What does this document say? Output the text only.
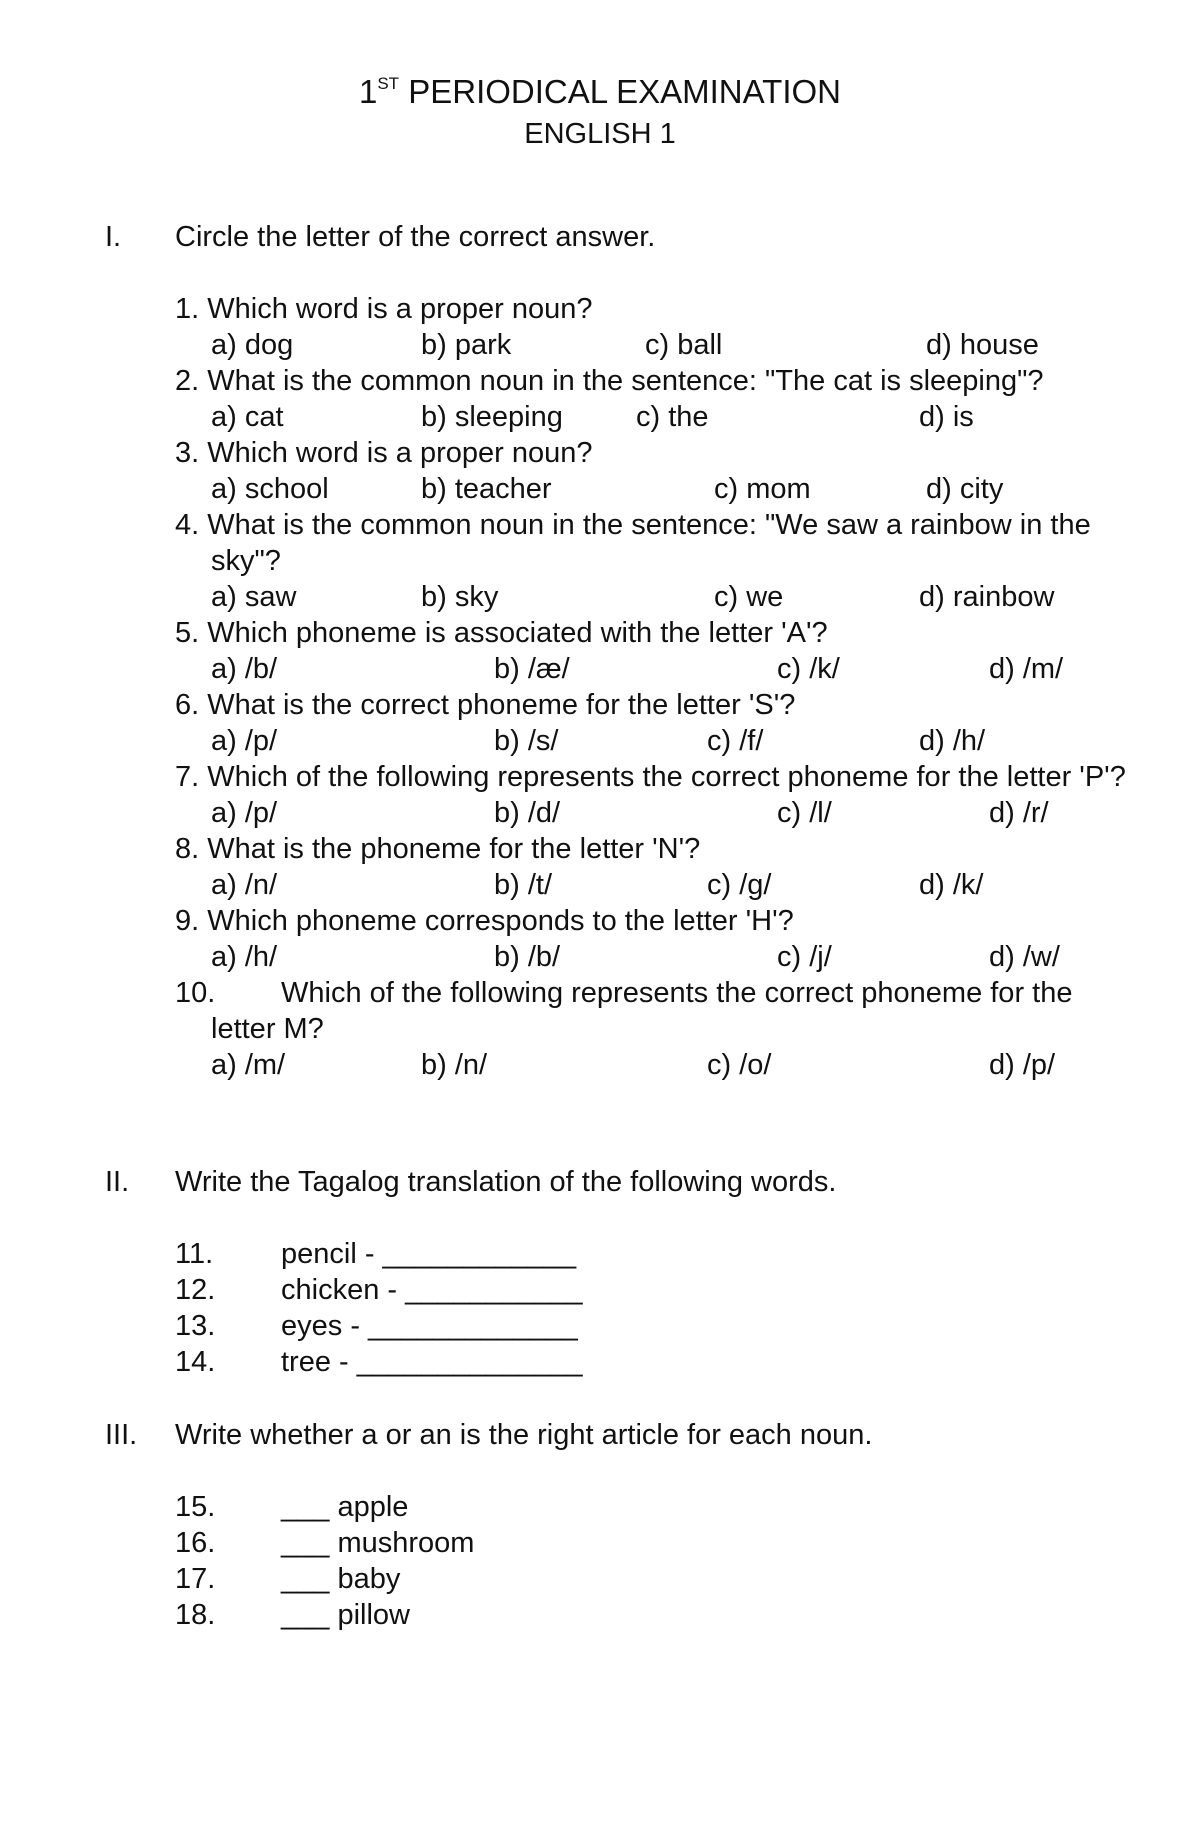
1ST PERIODICAL EXAMINATION
ENGLISH 1
I. Circle the letter of the correct answer.
1. Which word is a proper noun?
a) dog	b) park	c) ball	d) house
2. What is the common noun in the sentence: "The cat is sleeping"?
a) cat	b) sleeping	c) the	d) is
3. Which word is a proper noun?
a) school	b) teacher	c) mom	d) city
4. What is the common noun in the sentence: "We saw a rainbow in the sky"?
a) saw	b) sky	c) we	d) rainbow
5. Which phoneme is associated with the letter 'A'?
a) /b/	b) /æ/	c) /k/	d) /m/
6. What is the correct phoneme for the letter 'S'?
a) /p/	b) /s/	c) /f/	d) /h/
7. Which of the following represents the correct phoneme for the letter 'P'?
a) /p/	b) /d/	c) /l/	d) /r/
8. What is the phoneme for the letter 'N'?
a) /n/	b) /t/	c) /g/	d) /k/
9. Which phoneme corresponds to the letter 'H'?
a) /h/	b) /b/	c) /j/	d) /w/
10. Which of the following represents the correct phoneme for the letter M?
a) /m/	b) /n/	c) /o/	d) /p/
II. Write the Tagalog translation of the following words.
11. pencil - ____________
12. chicken - ___________
13. eyes - _____________
14. tree - ______________
III. Write whether a or an is the right article for each noun.
15. ___ apple
16. ___ mushroom
17. ___ baby
18. ___ pillow
